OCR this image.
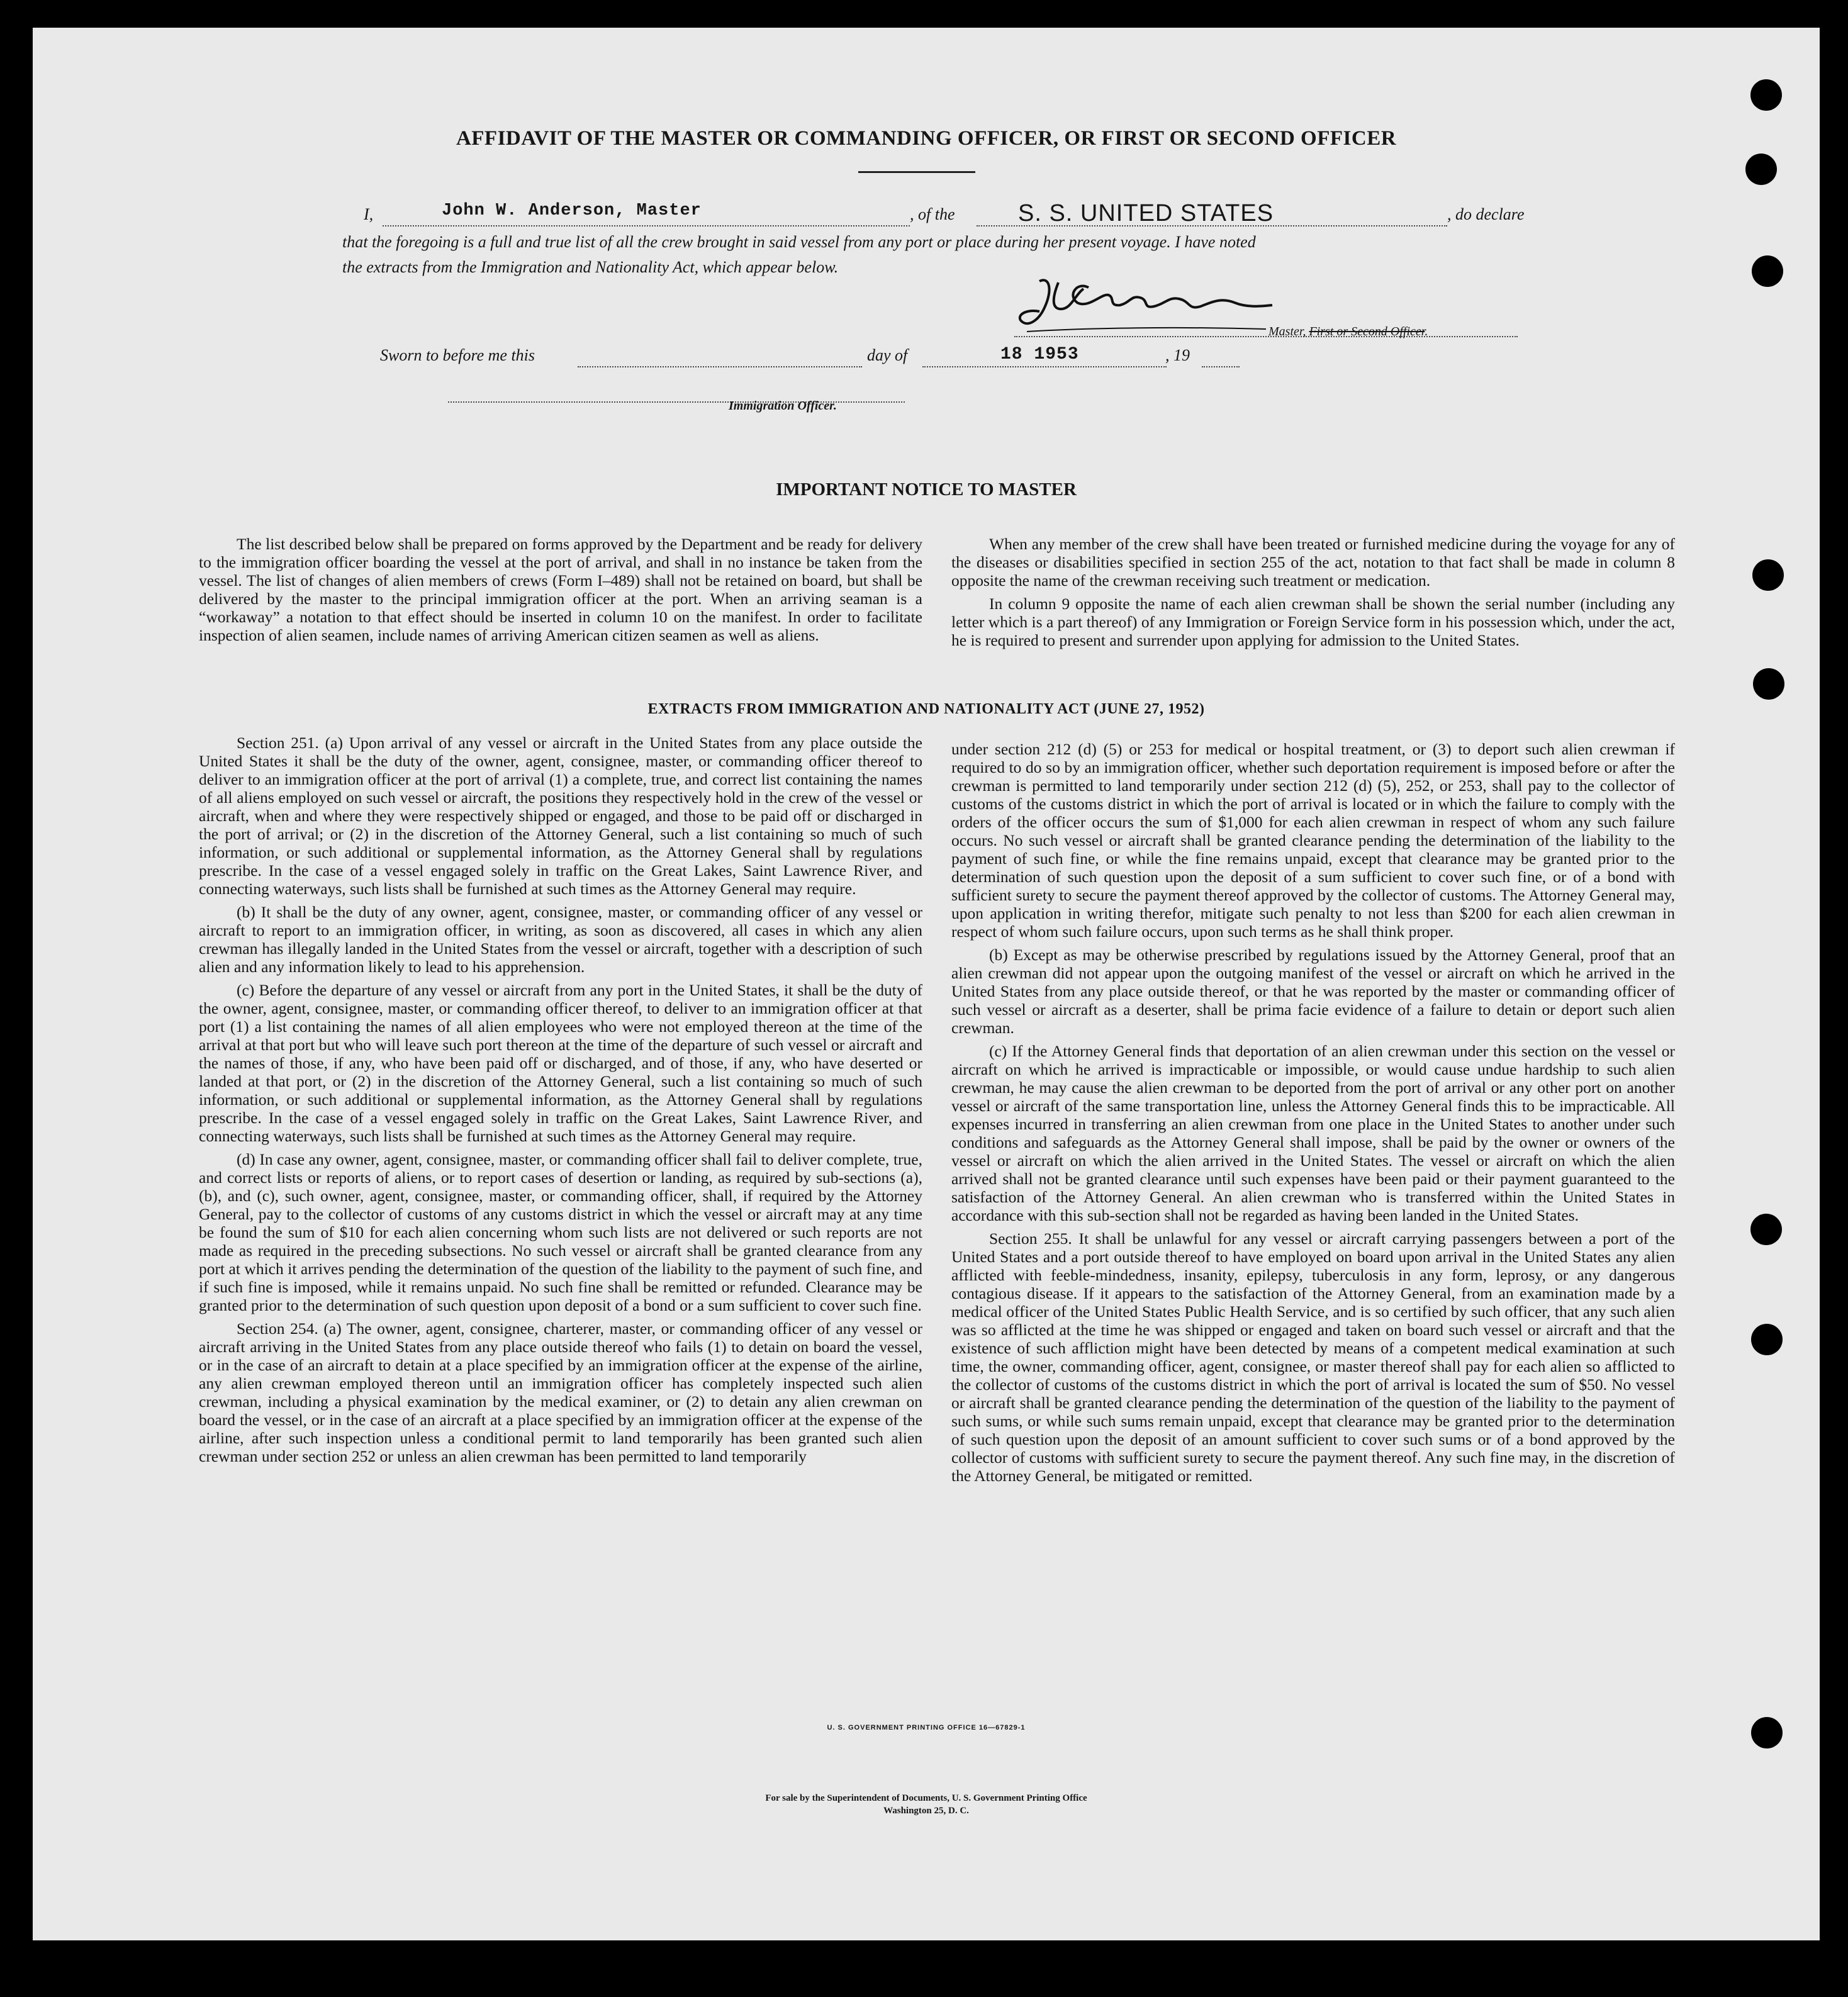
AFFIDAVIT OF THE MASTER OR COMMANDING OFFICER, OR FIRST OR SECOND OFFICER
I,	John W. Anderson, Master	, of the	S. S. UNITED STATES	, do declare
that the foregoing is a full and true list of all the crew brought in said vessel from any port or place during her present voyage. I have noted
the extracts from the Immigration and Nationality Act, which appear below.
Master, First or Second Officer.
Sworn to before me this	day of	18 1953	, 19
Immigration Officer.
IMPORTANT NOTICE TO MASTER

The list described below shall be prepared on forms approved by the Department and be ready for delivery to the immigration officer boarding the vessel at the port of arrival, and shall in no instance be taken from the vessel. The list of changes of alien members of crews (Form I–489) shall not be retained on board, but shall be delivered by the master to the principal immigration officer at the port. When an arriving seaman is a “workaway” a notation to that effect should be inserted in column 10 on the manifest. In order to facilitate inspection of alien seamen, include names of arriving American citizen seamen as well as aliens.

When any member of the crew shall have been treated or furnished medicine during the voyage for any of the diseases or disabilities specified in section 255 of the act, notation to that fact shall be made in column 8 opposite the name of the crewman receiving such treatment or medication.

In column 9 opposite the name of each alien crewman shall be shown the serial number (including any letter which is a part thereof) of any Immigration or Foreign Service form in his possession which, under the act, he is required to present and surrender upon applying for admission to the United States.

EXTRACTS FROM IMMIGRATION AND NATIONALITY ACT (JUNE 27, 1952)

Section 251. (a) Upon arrival of any vessel or aircraft in the United States from any place outside the United States it shall be the duty of the owner, agent, consignee, master, or commanding officer thereof to deliver to an immigration officer at the port of arrival (1) a complete, true, and correct list containing the names of all aliens employed on such vessel or aircraft, the positions they respectively hold in the crew of the vessel or aircraft, when and where they were respectively shipped or engaged, and those to be paid off or discharged in the port of arrival; or (2) in the discretion of the Attorney General, such a list containing so much of such information, or such additional or supplemental information, as the Attorney General shall by regulations prescribe. In the case of a vessel engaged solely in traffic on the Great Lakes, Saint Lawrence River, and connecting waterways, such lists shall be furnished at such times as the Attorney General may require.

(b) It shall be the duty of any owner, agent, consignee, master, or commanding officer of any vessel or aircraft to report to an immigration officer, in writing, as soon as discovered, all cases in which any alien crewman has illegally landed in the United States from the vessel or aircraft, together with a description of such alien and any information likely to lead to his apprehension.

(c) Before the departure of any vessel or aircraft from any port in the United States, it shall be the duty of the owner, agent, consignee, master, or commanding officer thereof, to deliver to an immigration officer at that port (1) a list containing the names of all alien employees who were not employed thereon at the time of the arrival at that port but who will leave such port thereon at the time of the departure of such vessel or aircraft and the names of those, if any, who have been paid off or discharged, and of those, if any, who have deserted or landed at that port, or (2) in the discretion of the Attorney General, such a list containing so much of such information, or such additional or supplemental information, as the Attorney General shall by regulations prescribe. In the case of a vessel engaged solely in traffic on the Great Lakes, Saint Lawrence River, and connecting waterways, such lists shall be furnished at such times as the Attorney General may require.

(d) In case any owner, agent, consignee, master, or commanding officer shall fail to deliver complete, true, and correct lists or reports of aliens, or to report cases of desertion or landing, as required by sub-sections (a), (b), and (c), such owner, agent, consignee, master, or commanding officer, shall, if required by the Attorney General, pay to the collector of customs of any customs district in which the vessel or aircraft may at any time be found the sum of $10 for each alien concerning whom such lists are not delivered or such reports are not made as required in the preceding subsections. No such vessel or aircraft shall be granted clearance from any port at which it arrives pending the determination of the question of the liability to the payment of such fine, and if such fine is imposed, while it remains unpaid. No such fine shall be remitted or refunded. Clearance may be granted prior to the determination of such question upon deposit of a bond or a sum sufficient to cover such fine.

Section 254. (a) The owner, agent, consignee, charterer, master, or commanding officer of any vessel or aircraft arriving in the United States from any place outside thereof who fails (1) to detain on board the vessel, or in the case of an aircraft to detain at a place specified by an immigration officer at the expense of the airline, any alien crewman employed thereon until an immigration officer has completely inspected such alien crewman, including a physical examination by the medical examiner, or (2) to detain any alien crewman on board the vessel, or in the case of an aircraft at a place specified by an immigration officer at the expense of the airline, after such inspection unless a conditional permit to land temporarily has been granted such alien crewman under section 252 or unless an alien crewman has been permitted to land temporarily

under section 212 (d) (5) or 253 for medical or hospital treatment, or (3) to deport such alien crewman if required to do so by an immigration officer, whether such deportation requirement is imposed before or after the crewman is permitted to land temporarily under section 212 (d) (5), 252, or 253, shall pay to the collector of customs of the customs district in which the port of arrival is located or in which the failure to comply with the orders of the officer occurs the sum of $1,000 for each alien crewman in respect of whom any such failure occurs. No such vessel or aircraft shall be granted clearance pending the determination of the liability to the payment of such fine, or while the fine remains unpaid, except that clearance may be granted prior to the determination of such question upon the deposit of a sum sufficient to cover such fine, or of a bond with sufficient surety to secure the payment thereof approved by the collector of customs. The Attorney General may, upon application in writing therefor, mitigate such penalty to not less than $200 for each alien crewman in respect of whom such failure occurs, upon such terms as he shall think proper.

(b) Except as may be otherwise prescribed by regulations issued by the Attorney General, proof that an alien crewman did not appear upon the outgoing manifest of the vessel or aircraft on which he arrived in the United States from any place outside thereof, or that he was reported by the master or commanding officer of such vessel or aircraft as a deserter, shall be prima facie evidence of a failure to detain or deport such alien crewman.

(c) If the Attorney General finds that deportation of an alien crewman under this section on the vessel or aircraft on which he arrived is impracticable or impossible, or would cause undue hardship to such alien crewman, he may cause the alien crewman to be deported from the port of arrival or any other port on another vessel or aircraft of the same transportation line, unless the Attorney General finds this to be impracticable. All expenses incurred in transferring an alien crewman from one place in the United States to another under such conditions and safeguards as the Attorney General shall impose, shall be paid by the owner or owners of the vessel or aircraft on which the alien arrived in the United States. The vessel or aircraft on which the alien arrived shall not be granted clearance until such expenses have been paid or their payment guaranteed to the satisfaction of the Attorney General. An alien crewman who is transferred within the United States in accordance with this sub-section shall not be regarded as having been landed in the United States.

Section 255. It shall be unlawful for any vessel or aircraft carrying passengers between a port of the United States and a port outside thereof to have employed on board upon arrival in the United States any alien afflicted with feeble-mindedness, insanity, epilepsy, tuberculosis in any form, leprosy, or any dangerous contagious disease. If it appears to the satisfaction of the Attorney General, from an examination made by a medical officer of the United States Public Health Service, and is so certified by such officer, that any such alien was so afflicted at the time he was shipped or engaged and taken on board such vessel or aircraft and that the existence of such affliction might have been detected by means of a competent medical examination at such time, the owner, commanding officer, agent, consignee, or master thereof shall pay for each alien so afflicted to the collector of customs of the customs district in which the port of arrival is located the sum of $50. No vessel or aircraft shall be granted clearance pending the determination of the question of the liability to the payment of such sums, or while such sums remain unpaid, except that clearance may be granted prior to the determination of such question upon the deposit of an amount sufficient to cover such sums or of a bond approved by the collector of customs with sufficient surety to secure the payment thereof. Any such fine may, in the discretion of the Attorney General, be mitigated or remitted.

U. S. GOVERNMENT PRINTING OFFICE 16—67829-1
For sale by the Superintendent of Documents, U. S. Government Printing Office
Washington 25, D. C.
